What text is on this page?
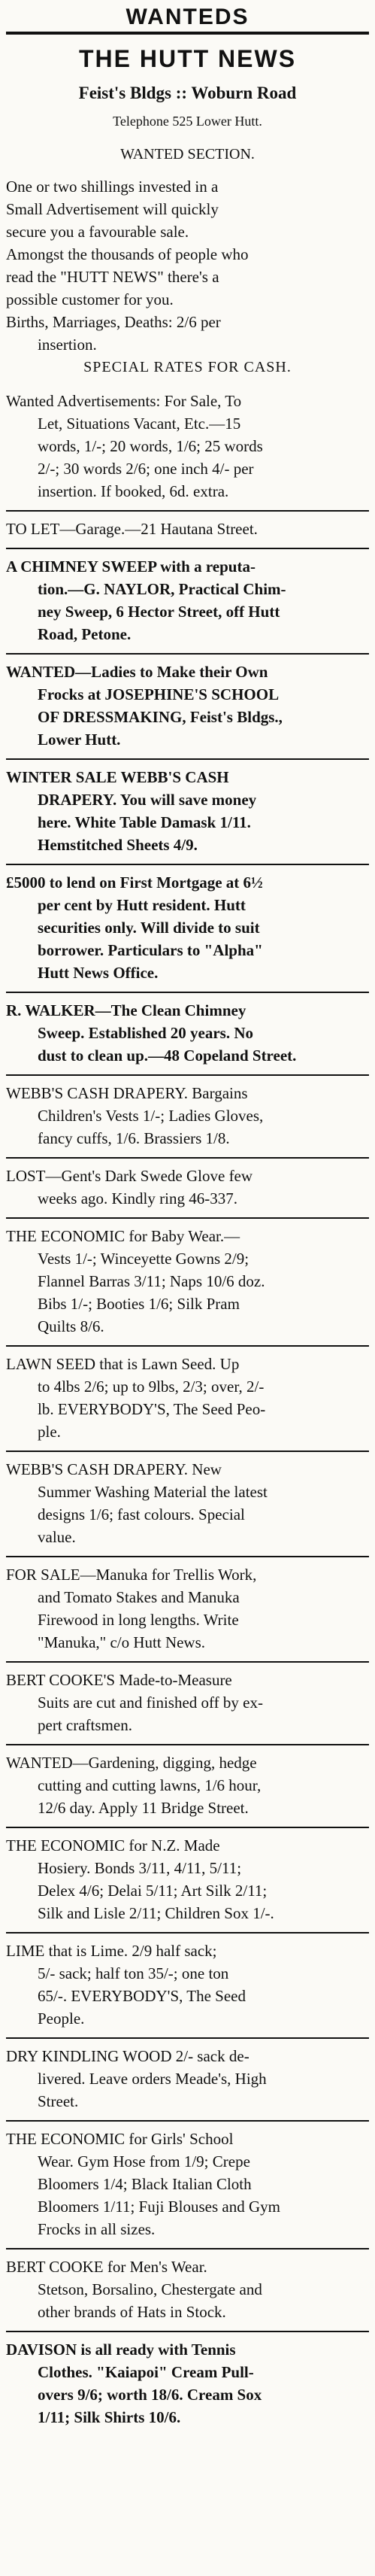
WANTEDS
THE HUTT NEWS
Feist's Bldgs :: Woburn Road
Telephone 525 Lower Hutt.
WANTED SECTION.

One or two shillings invested in a

Small Advertisement will quickly

secure you a favourable sale.

Amongst the thousands of people who

read the "HUTT NEWS" there's a

possible customer for you.

Births, Marriages, Deaths: 2/6 per

insertion.

SPECIAL RATES FOR CASH.

Wanted Advertisements: For Sale, To

Let, Situations Vacant, Etc.—15

words, 1/-; 20 words, 1/6; 25 words

2/-; 30 words 2/6; one inch 4/- per

insertion. If booked, 6d. extra.

TO LET—Garage.—21 Hautana Street.

A CHIMNEY SWEEP with a reputa-

tion.—G. NAYLOR, Practical Chim-

ney Sweep, 6 Hector Street, off Hutt

Road, Petone.

WANTED—Ladies to Make their Own

Frocks at JOSEPHINE'S SCHOOL

OF DRESSMAKING, Feist's Bldgs.,

Lower Hutt.

WINTER SALE WEBB'S CASH

DRAPERY. You will save money

here. White Table Damask 1/11.

Hemstitched Sheets 4/9.

£5000 to lend on First Mortgage at 6½

per cent by Hutt resident. Hutt

securities only. Will divide to suit

borrower. Particulars to "Alpha"

Hutt News Office.

R. WALKER—The Clean Chimney

Sweep. Established 20 years. No

dust to clean up.—48 Copeland Street.

WEBB'S CASH DRAPERY. Bargains

Children's Vests 1/-; Ladies Gloves,

fancy cuffs, 1/6. Brassiers 1/8.

LOST—Gent's Dark Swede Glove few

weeks ago. Kindly ring 46-337.

THE ECONOMIC for Baby Wear.—

Vests 1/-; Winceyette Gowns 2/9;

Flannel Barras 3/11; Naps 10/6 doz.

Bibs 1/-; Booties 1/6; Silk Pram

Quilts 8/6.

LAWN SEED that is Lawn Seed. Up

to 4lbs 2/6; up to 9lbs, 2/3; over, 2/-

lb. EVERYBODY'S, The Seed Peo-

ple.

WEBB'S CASH DRAPERY. New

Summer Washing Material the latest

designs 1/6; fast colours. Special

value.

FOR SALE—Manuka for Trellis Work,

and Tomato Stakes and Manuka

Firewood in long lengths. Write

"Manuka," c/o Hutt News.

BERT COOKE'S Made-to-Measure

Suits are cut and finished off by ex-

pert craftsmen.

WANTED—Gardening, digging, hedge

cutting and cutting lawns, 1/6 hour,

12/6 day. Apply 11 Bridge Street.

THE ECONOMIC for N.Z. Made

Hosiery. Bonds 3/11, 4/11, 5/11;

Delex 4/6; Delai 5/11; Art Silk 2/11;

Silk and Lisle 2/11; Children Sox 1/-.

LIME that is Lime. 2/9 half sack;

5/- sack; half ton 35/-; one ton

65/-. EVERYBODY'S, The Seed

People.

DRY KINDLING WOOD 2/- sack de-

livered. Leave orders Meade's, High

Street.

THE ECONOMIC for Girls' School

Wear. Gym Hose from 1/9; Crepe

Bloomers 1/4; Black Italian Cloth

Bloomers 1/11; Fuji Blouses and Gym

Frocks in all sizes.

BERT COOKE for Men's Wear.

Stetson, Borsalino, Chestergate and

other brands of Hats in Stock.

DAVISON is all ready with Tennis

Clothes. "Kaiapoi" Cream Pull-

overs 9/6; worth 18/6. Cream Sox

1/11; Silk Shirts 10/6.
